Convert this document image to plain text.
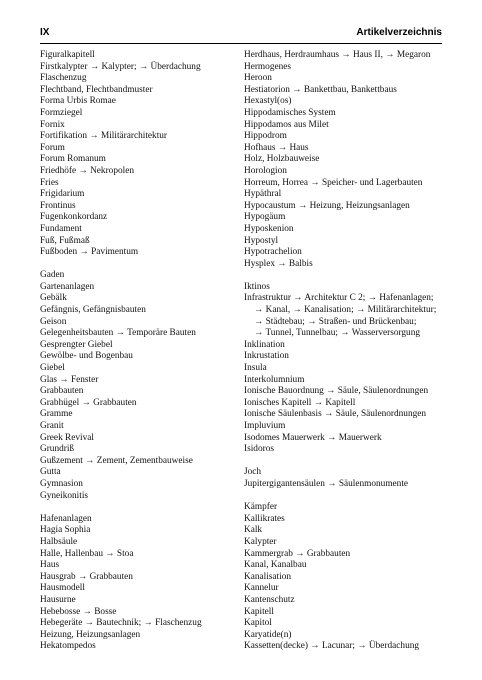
IX	Artikelverzeichnis
Figuralkapitell
Firstkalypter → Kalypter; → Überdachung
Flaschenzug
Flechtband, Flechtbandmuster
Forma Urbis Romae
Formziegel
Fornix
Fortifikation → Militärarchitektur
Forum
Forum Romanum
Friedhöfe → Nekropolen
Fries
Frigidarium
Frontinus
Fugenkonkordanz
Fundament
Fuß, Fußmaß
Fußboden → Pavimentum
Gaden
Gartenanlagen
Gebälk
Gefängnis, Gefängnisbauten
Geison
Gelegenheitsbauten → Temporäre Bauten
Gesprengter Giebel
Gewölbe- und Bogenbau
Giebel
Glas → Fenster
Grabbauten
Grabhügel → Grabbauten
Gramme
Granit
Greek Revival
Grundriß
Gußzement → Zement, Zementbauweise
Gutta
Gymnasion
Gyneikonitis
Hafenanlagen
Hagia Sophia
Halbsäule
Halle, Hallenbau → Stoa
Haus
Hausgrab → Grabbauten
Hausmodell
Hausurne
Hebebosse → Bosse
Hebegeräte → Bautechnik; → Flaschenzug
Heizung, Heizungsanlagen
Hekatompedos
Herdhaus, Herdraumhaus → Haus II, → Megaron
Hermogenes
Heroon
Hestiatorion → Bankettbau, Bankettbaus
Hexastyl(os)
Hippodamisches System
Hippodamos aus Milet
Hippodrom
Hofhaus → Haus
Holz, Holzbauweise
Horologion
Horreum, Horrea → Speicher- und Lagerbauten
Hypäthral
Hypocaustum → Heizung, Heizungsanlagen
Hypogäum
Hyposkenion
Hypostyl
Hypotrachelion
Hysplex → Balbis
Iktinos
Infrastruktur → Architektur C 2; → Hafenanlagen;
→ Kanal, → Kanalisation; → Militärarchitektur;
→ Städtebau; → Straßen- und Brückenbau;
→ Tunnel, Tunnelbau; → Wasserversorgung
Inklination
Inkrustation
Insula
Interkolumnium
Ionische Bauordnung → Säule, Säulenordnungen
Ionisches Kapitell → Kapitell
Ionische Säulenbasis → Säule, Säulenordnungen
Impluvium
Isodomes Mauerwerk → Mauerwerk
Isidoros
Joch
Jupitergigantensäulen → Säulenmonumente
Kämpfer
Kallikrates
Kalk
Kalypter
Kammergrab → Grabbauten
Kanal, Kanalbau
Kanalisation
Kannelur
Kantenschutz
Kapitell
Kapitol
Karyatide(n)
Kassetten(decke) → Lacunar; → Überdachung
